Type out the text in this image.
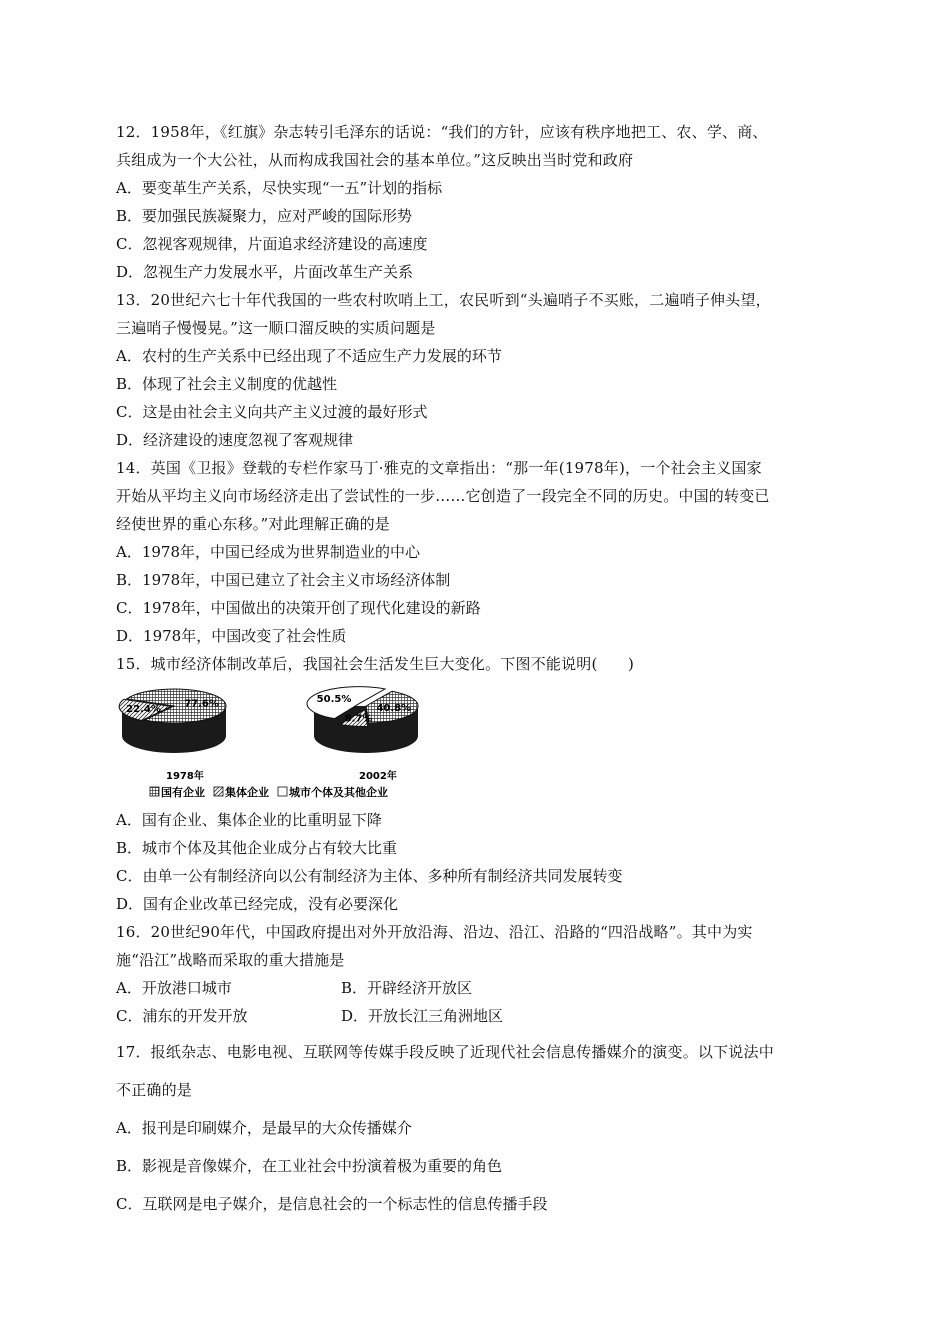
12．1958年，《红旗》杂志转引毛泽东的话说：“我们的方针，应该有秩序地把工、农、学、商、
兵组成为一个大公社，从而构成我国社会的基本单位。”这反映出当时党和政府
A．要变革生产关系，尽快实现“一五”计划的指标
B．要加强民族凝聚力，应对严峻的国际形势
C．忽视客观规律，片面追求经济建设的高速度
D．忽视生产力发展水平，片面改革生产关系
13．20世纪六七十年代我国的一些农村吹哨上工，农民听到“头遍哨子不买账，二遍哨子伸头望，
三遍哨子慢慢晃。”这一顺口溜反映的实质问题是
A．农村的生产关系中已经出现了不适应生产力发展的环节
B．体现了社会主义制度的优越性
C．这是由社会主义向共产主义过渡的最好形式
D．经济建设的速度忽视了客观规律
14．英国《卫报》登载的专栏作家马丁·雅克的文章指出：“那一年(1978年)，一个社会主义国家
开始从平均主义向市场经济走出了尝试性的一步……它创造了一段完全不同的历史。中国的转变已
经使世界的重心东移。”对此理解正确的是
A．1978年，中国已经成为世界制造业的中心
B．1978年，中国已建立了社会主义市场经济体制
C．1978年，中国做出的决策开创了现代化建设的新路
D．1978年，中国改变了社会性质
15．城市经济体制改革后，我国社会生活发生巨大变化。下图不能说明(　　)
77.6%
22.4%	40.8%
8.7%
50.5%
1978年	2002年
国有企业 集体企业 城市个体及其他企业
A．国有企业、集体企业的比重明显下降
B．城市个体及其他企业成分占有较大比重
C．由单一公有制经济向以公有制经济为主体、多种所有制经济共同发展转变
D．国有企业改革已经完成，没有必要深化
16．20世纪90年代，中国政府提出对外开放沿海、沿边、沿江、沿路的“四沿战略”。其中为实
施“沿江”战略而采取的重大措施是
A．开放港口城市	B．开辟经济开放区
C．浦东的开发开放	D．开放长江三角洲地区
17．报纸杂志、电影电视、互联网等传媒手段反映了近现代社会信息传播媒介的演变。以下说法中
不正确的是
A．报刊是印刷媒介，是最早的大众传播媒介
B．影视是音像媒介，在工业社会中扮演着极为重要的角色
C．互联网是电子媒介，是信息社会的一个标志性的信息传播手段
